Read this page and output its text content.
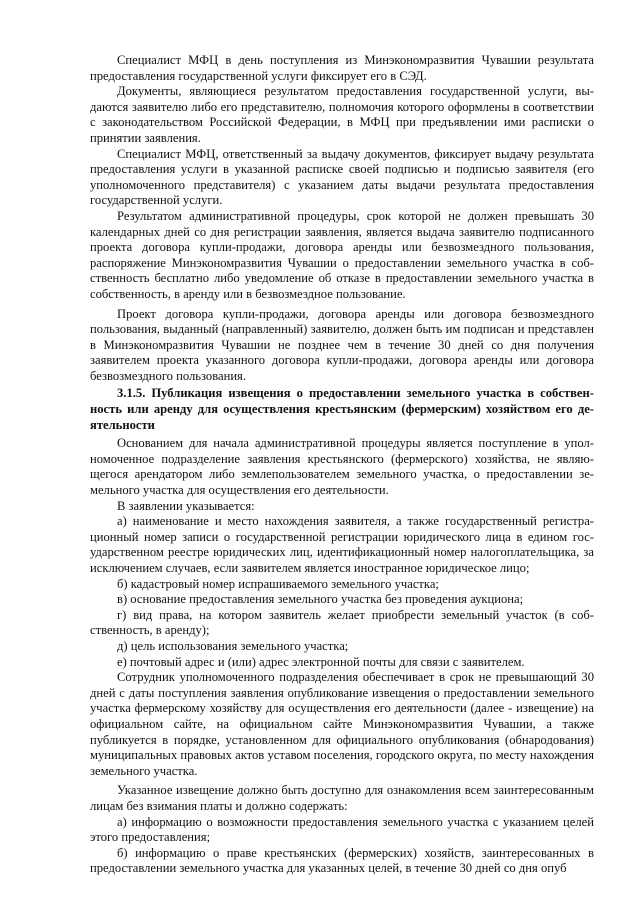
Специалист МФЦ в день поступления из Минэкономразвития Чувашии результата предоставления государственной услуги фиксирует его в СЭД.

Документы, являющиеся результатом предоставления государственной услуги, выдаются заявителю либо его представителю, полномочия которого оформлены в соответствии с законодательством Российской Федерации, в МФЦ при предъявлении ими расписки о принятии заявления.

Специалист МФЦ, ответственный за выдачу документов, фиксирует выдачу результата предоставления услуги в указанной расписке своей подписью и подписью заявителя (его уполномоченного представителя) с указанием даты выдачи результата предоставления государственной услуги.

Результатом административной процедуры, срок которой не должен превышать 30 календарных дней со дня регистрации заявления, является выдача заявителю подписанного проекта договора купли-продажи, договора аренды или безвозмездного пользования, распоряжение Минэкономразвития Чувашии о предоставлении земельного участка в собственность бесплатно либо уведомление об отказе в предоставлении земельного участка в собственность, в аренду или в безвозмездное пользование.

Проект договора купли-продажи, договора аренды или договора безвозмездного пользования, выданный (направленный) заявителю, должен быть им подписан и представлен в Минэкономразвития Чувашии не позднее чем в течение 30 дней со дня получения заявителем проекта указанного договора купли-продажи, договора аренды или договора безвозмездного пользования.

3.1.5. Публикация извещения о предоставлении земельного участка в собственность или аренду для осуществления крестьянским (фермерским) хозяйством его деятельности

Основанием для начала административной процедуры является поступление в уполномоченное подразделение заявления крестьянского (фермерского) хозяйства, не являющегося арендатором либо землепользователем земельного участка, о предоставлении земельного участка для осуществления его деятельности.

В заявлении указывается:

а) наименование и место нахождения заявителя, а также государственный регистрационный номер записи о государственной регистрации юридического лица в едином государственном реестре юридических лиц, идентификационный номер налогоплательщика, за исключением случаев, если заявителем является иностранное юридическое лицо;

б) кадастровый номер испрашиваемого земельного участка;

в) основание предоставления земельного участка без проведения аукциона;

г) вид права, на котором заявитель желает приобрести земельный участок (в собственность, в аренду);

д) цель использования земельного участка;

е) почтовый адрес и (или) адрес электронной почты для связи с заявителем.

Сотрудник уполномоченного подразделения обеспечивает в срок не превышающий 30 дней с даты поступления заявления опубликование извещения о предоставлении земельного участка фермерскому хозяйству для осуществления его деятельности (далее - извещение) на официальном сайте, на официальном сайте Минэкономразвития Чувашии, а также публикуется в порядке, установленном для официального опубликования (обнародования) муниципальных правовых актов уставом поселения, городского округа, по месту нахождения земельного участка.

Указанное извещение должно быть доступно для ознакомления всем заинтересованным лицам без взимания платы и должно содержать:

а) информацию о возможности предоставления земельного участка с указанием целей этого предоставления;

б) информацию о праве крестьянских (фермерских) хозяйств, заинтересованных в предоставлении земельного участка для указанных целей, в течение 30 дней со дня опуб
